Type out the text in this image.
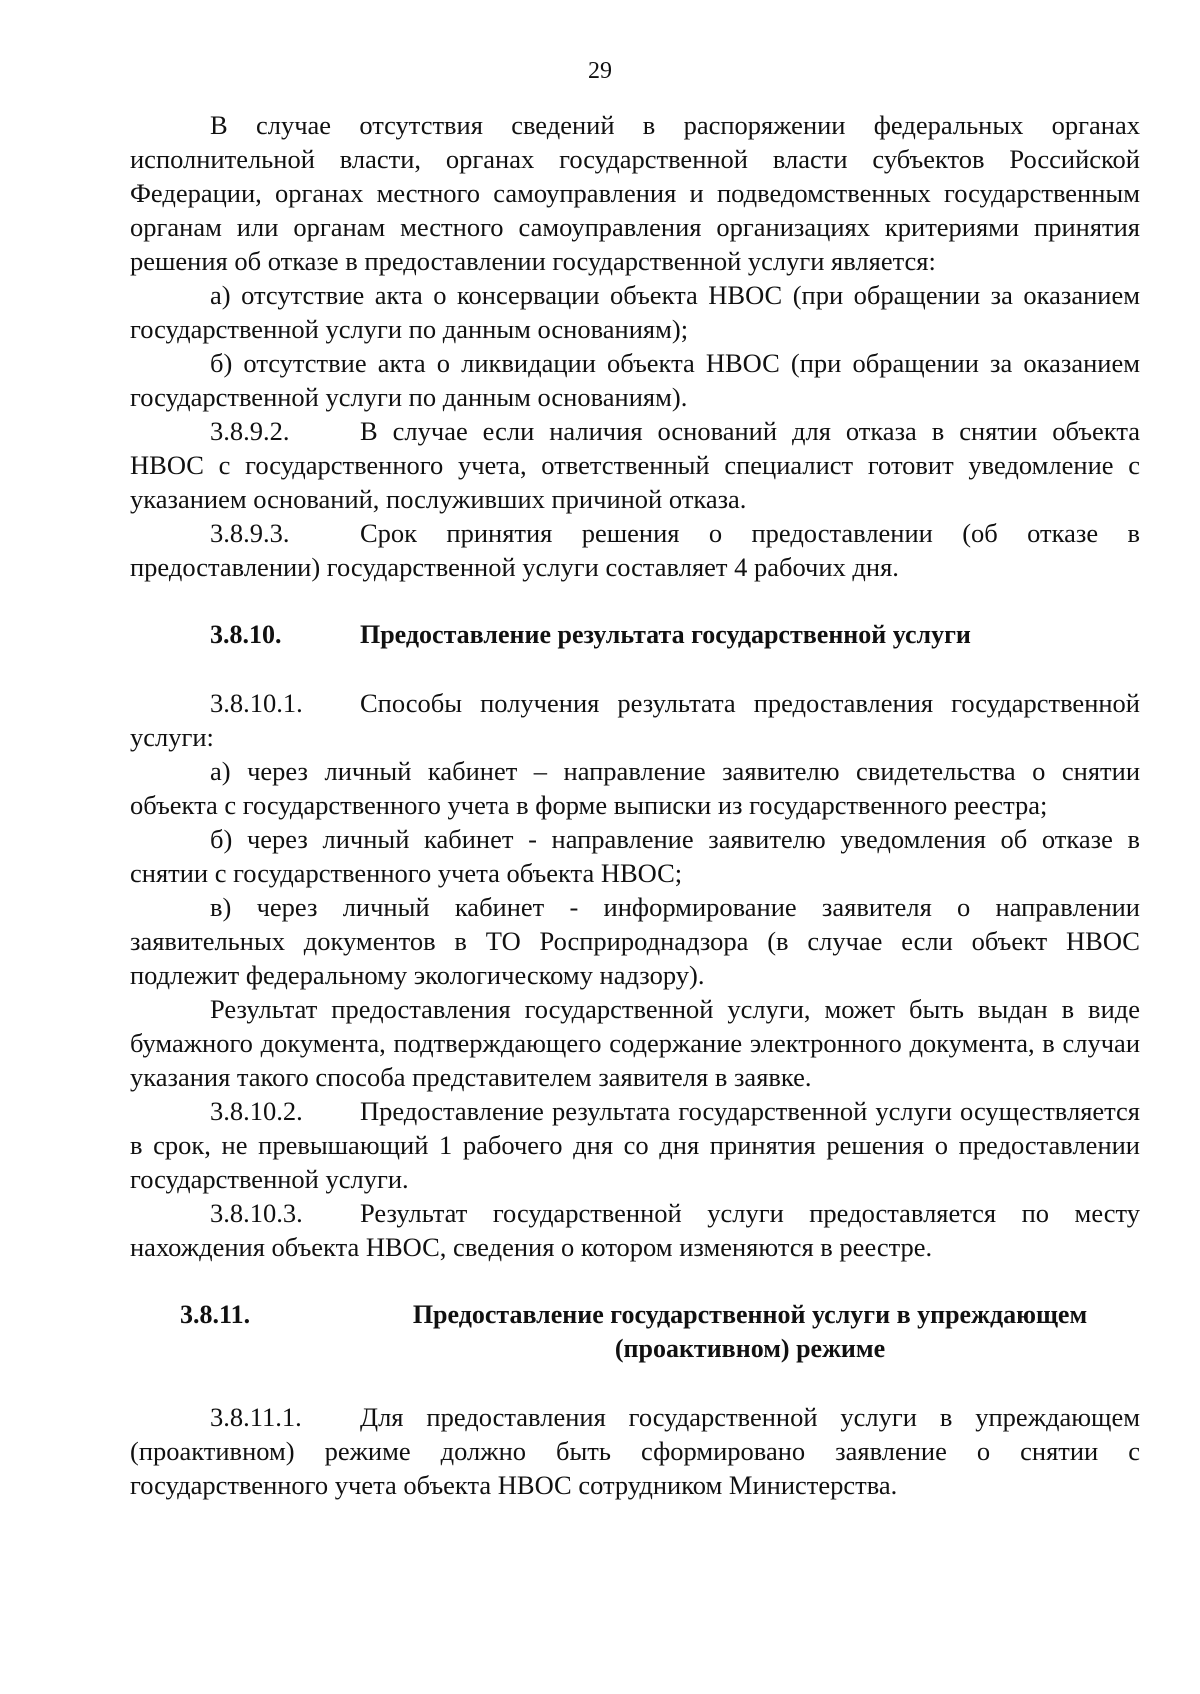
29

В случае отсутствия сведений в распоряжении федеральных органах исполнительной власти, органах государственной власти субъектов Российской Федерации, органах местного самоуправления и подведомственных государственным органам или органам местного самоуправления организациях критериями принятия решения об отказе в предоставлении государственной услуги является:

а) отсутствие акта о консервации объекта НВОС (при обращении за оказанием государственной услуги по данным основаниям);

б) отсутствие акта о ликвидации объекта НВОС (при обращении за оказанием государственной услуги по данным основаниям).

3.8.9.2.	В случае если наличия оснований для отказа в снятии объекта НВОС с государственного учета, ответственный специалист готовит уведомление с указанием оснований, послуживших причиной отказа.

3.8.9.3.	Срок принятия решения о предоставлении (об отказе в предоставлении) государственной услуги составляет 4 рабочих дня.

3.8.10.	Предоставление результата государственной услуги

3.8.10.1. Способы получения результата предоставления государственной услуги:

а) через личный кабинет – направление заявителю свидетельства о снятии объекта с государственного учета в форме выписки из государственного реестра;

б) через личный кабинет - направление заявителю уведомления об отказе в снятии с государственного учета объекта НВОС;

в) через личный кабинет - информирование заявителя о направлении заявительных документов в ТО Росприроднадзора (в случае если объект НВОС подлежит федеральному экологическому надзору).

Результат предоставления государственной услуги, может быть выдан в виде бумажного документа, подтверждающего содержание электронного документа, в случаи указания такого способа представителем заявителя в заявке.

3.8.10.2. Предоставление результата государственной услуги осуществляется в срок, не превышающий 1 рабочего дня со дня принятия решения о предоставлении государственной услуги.

3.8.10.3. Результат государственной услуги предоставляется по месту нахождения объекта НВОС, сведения о котором изменяются в реестре.

3.8.11.	Предоставление государственной услуги в упреждающем (проактивном) режиме

3.8.11.1. Для предоставления государственной услуги в упреждающем (проактивном) режиме должно быть сформировано заявление о снятии с государственного учета объекта НВОС сотрудником Министерства.
